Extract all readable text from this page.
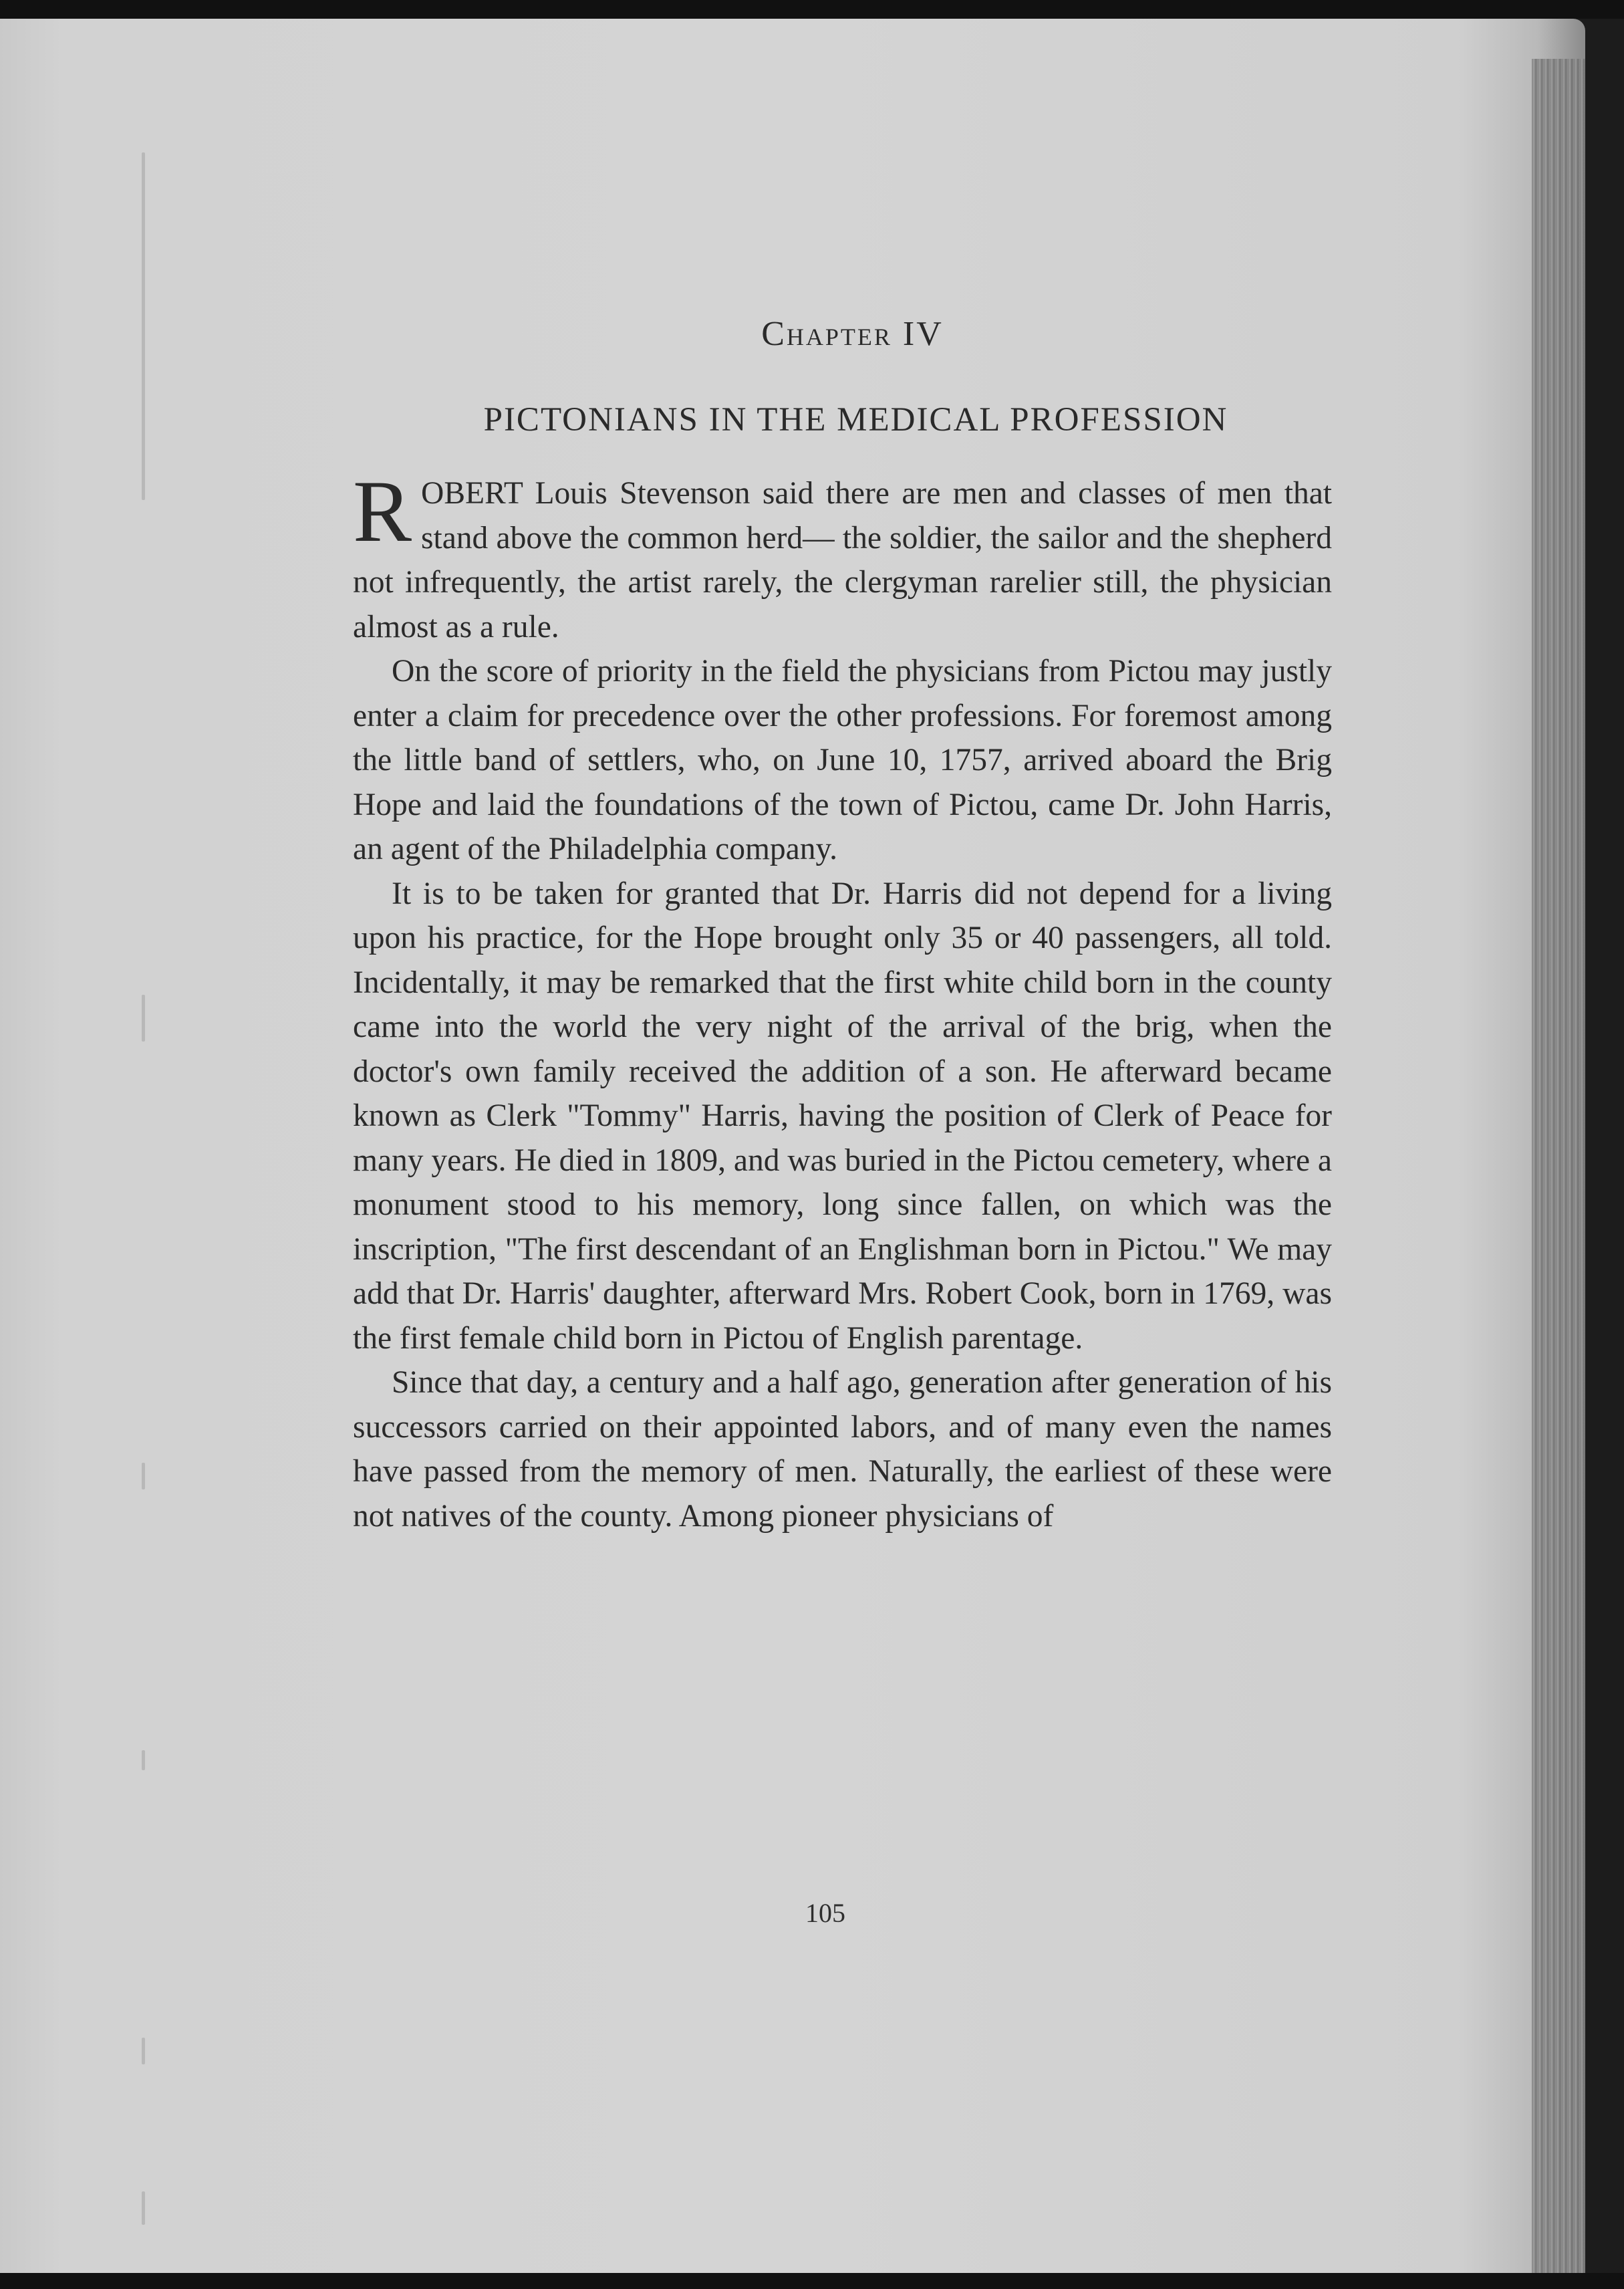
Chapter IV
PICTONIANS IN THE MEDICAL PROFESSION

ROBERT Louis Stevenson said there are men and classes of men that stand above the common herd— the soldier, the sailor and the shepherd not infrequently, the artist rarely, the clergyman rarelier still, the physician almost as a rule.

On the score of priority in the field the physicians from Pictou may justly enter a claim for precedence over the other professions. For foremost among the little band of settlers, who, on June 10, 1757, arrived aboard the Brig Hope and laid the foundations of the town of Pictou, came Dr. John Harris, an agent of the Philadelphia company.

It is to be taken for granted that Dr. Harris did not depend for a living upon his practice, for the Hope brought only 35 or 40 passengers, all told. Incidentally, it may be remarked that the first white child born in the county came into the world the very night of the arrival of the brig, when the doctor's own family received the addition of a son. He afterward became known as Clerk "Tommy" Harris, having the position of Clerk of Peace for many years. He died in 1809, and was buried in the Pictou cemetery, where a monument stood to his memory, long since fallen, on which was the inscription, "The first descendant of an Englishman born in Pictou." We may add that Dr. Harris' daughter, afterward Mrs. Robert Cook, born in 1769, was the first female child born in Pictou of English parentage.

Since that day, a century and a half ago, generation after generation of his successors carried on their appointed labors, and of many even the names have passed from the memory of men. Naturally, the earliest of these were not natives of the county. Among pioneer physicians of

105
